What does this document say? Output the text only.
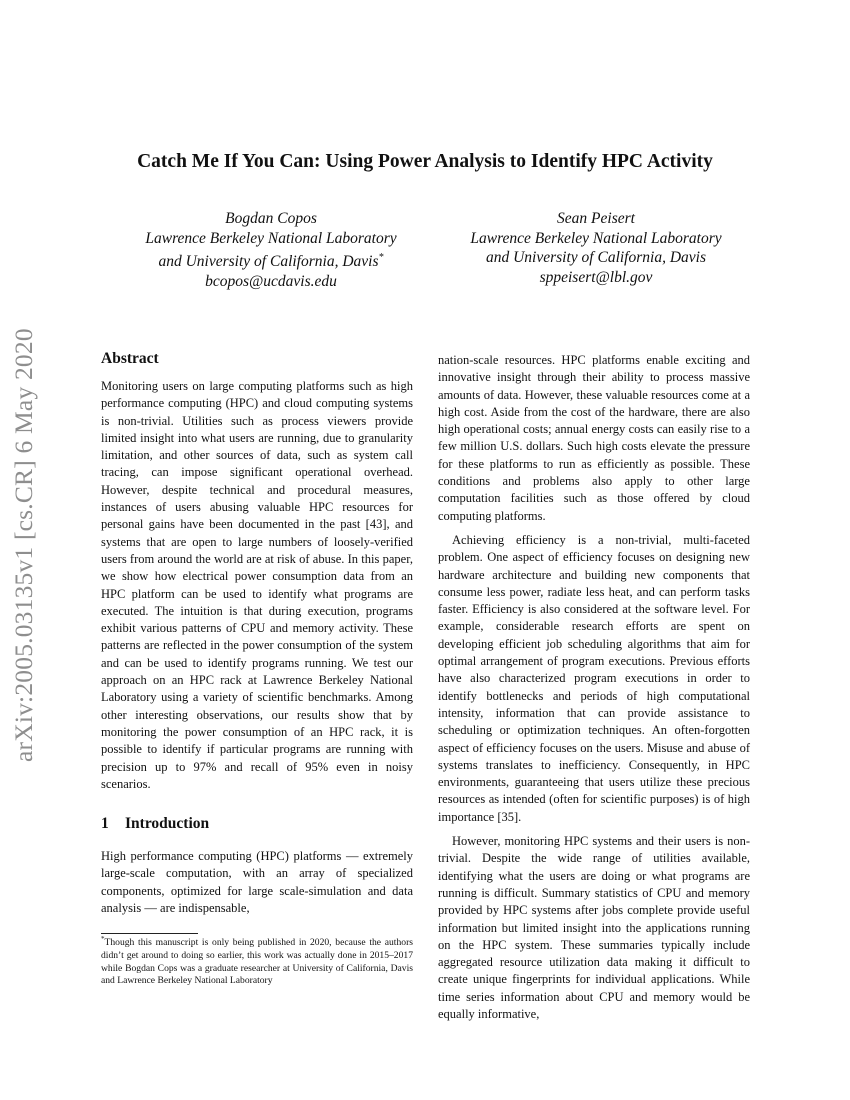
arXiv:2005.03135v1 [cs.CR] 6 May 2020
Catch Me If You Can: Using Power Analysis to Identify HPC Activity
Bogdan Copos
Lawrence Berkeley National Laboratory
and University of California, Davis*
bcopos@ucdavis.edu
Sean Peisert
Lawrence Berkeley National Laboratory
and University of California, Davis
sppeisert@lbl.gov
Abstract

Monitoring users on large computing platforms such as high performance computing (HPC) and cloud computing systems is non-trivial. Utilities such as process viewers provide limited insight into what users are running, due to granularity limitation, and other sources of data, such as system call tracing, can impose significant operational overhead. However, despite technical and procedural measures, instances of users abusing valuable HPC resources for personal gains have been documented in the past [43], and systems that are open to large numbers of loosely-verified users from around the world are at risk of abuse. In this paper, we show how electrical power consumption data from an HPC platform can be used to identify what programs are executed. The intuition is that during execution, programs exhibit various patterns of CPU and memory activity. These patterns are reflected in the power consumption of the system and can be used to identify programs running. We test our approach on an HPC rack at Lawrence Berkeley National Laboratory using a variety of scientific benchmarks. Among other interesting observations, our results show that by monitoring the power consumption of an HPC rack, it is possible to identify if particular programs are running with precision up to 97% and recall of 95% even in noisy scenarios.

1 Introduction

High performance computing (HPC) platforms — extremely large-scale computation, with an array of specialized components, optimized for large scale-simulation and data analysis — are indispensable,

nation-scale resources. HPC platforms enable exciting and innovative insight through their ability to process massive amounts of data. However, these valuable resources come at a high cost. Aside from the cost of the hardware, there are also high operational costs; annual energy costs can easily rise to a few million U.S. dollars. Such high costs elevate the pressure for these platforms to run as efficiently as possible. These conditions and problems also apply to other large computation facilities such as those offered by cloud computing platforms.

Achieving efficiency is a non-trivial, multi-faceted problem. One aspect of efficiency focuses on designing new hardware architecture and building new components that consume less power, radiate less heat, and can perform tasks faster. Efficiency is also considered at the software level. For example, considerable research efforts are spent on developing efficient job scheduling algorithms that aim for optimal arrangement of program executions. Previous efforts have also characterized program executions in order to identify bottlenecks and periods of high computational intensity, information that can provide assistance to scheduling or optimization techniques. An often-forgotten aspect of efficiency focuses on the users. Misuse and abuse of systems translates to inefficiency. Consequently, in HPC environments, guaranteeing that users utilize these precious resources as intended (often for scientific purposes) is of high importance [35].

However, monitoring HPC systems and their users is non-trivial. Despite the wide range of utilities available, identifying what the users are doing or what programs are running is difficult. Summary statistics of CPU and memory provided by HPC systems after jobs complete provide useful information but limited insight into the applications running on the HPC system. These summaries typically include aggregated resource utilization data making it difficult to create unique fingerprints for individual applications. While time series information about CPU and memory would be equally informative,

*Though this manuscript is only being published in 2020, because the authors didn’t get around to doing so earlier, this work was actually done in 2015–2017 while Bogdan Cops was a graduate researcher at University of California, Davis and Lawrence Berkeley National Laboratory
